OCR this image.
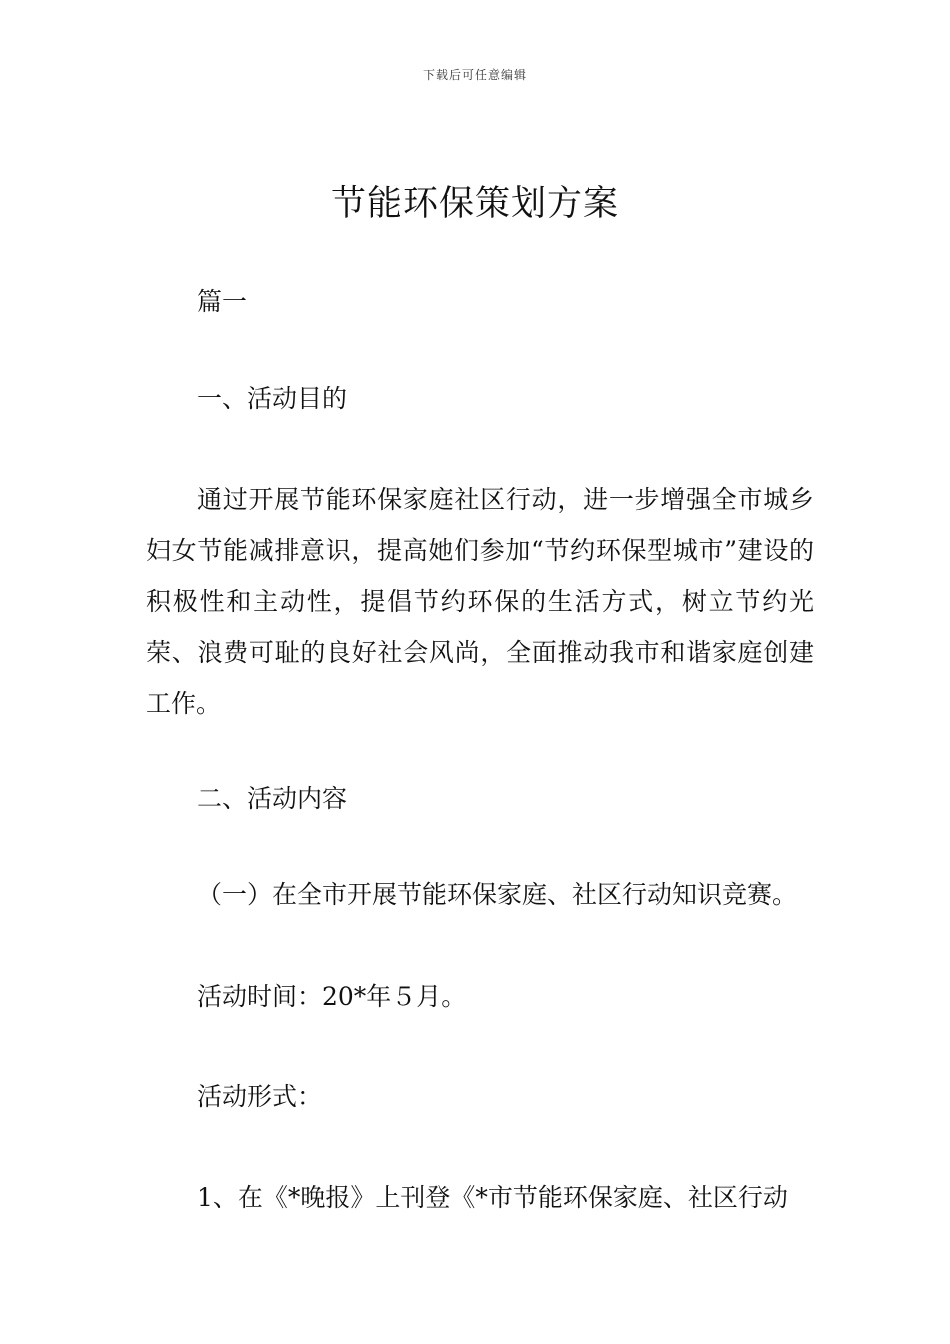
下载后可任意编辑
节能环保策划方案
篇一
一、活动目的
通过开展节能环保家庭社区行动，进一步增强全市城乡妇女节能减排意识，提高她们参加“节约环保型城市”建设的积极性和主动性，提倡节约环保的生活方式，树立节约光荣、浪费可耻的良好社会风尚，全面推动我市和谐家庭创建工作。
二、活动内容
（一）在全市开展节能环保家庭、社区行动知识竞赛。
活动时间：20*年５月。
活动形式：
1、在《*晚报》上刊登《*市节能环保家庭、社区行动
